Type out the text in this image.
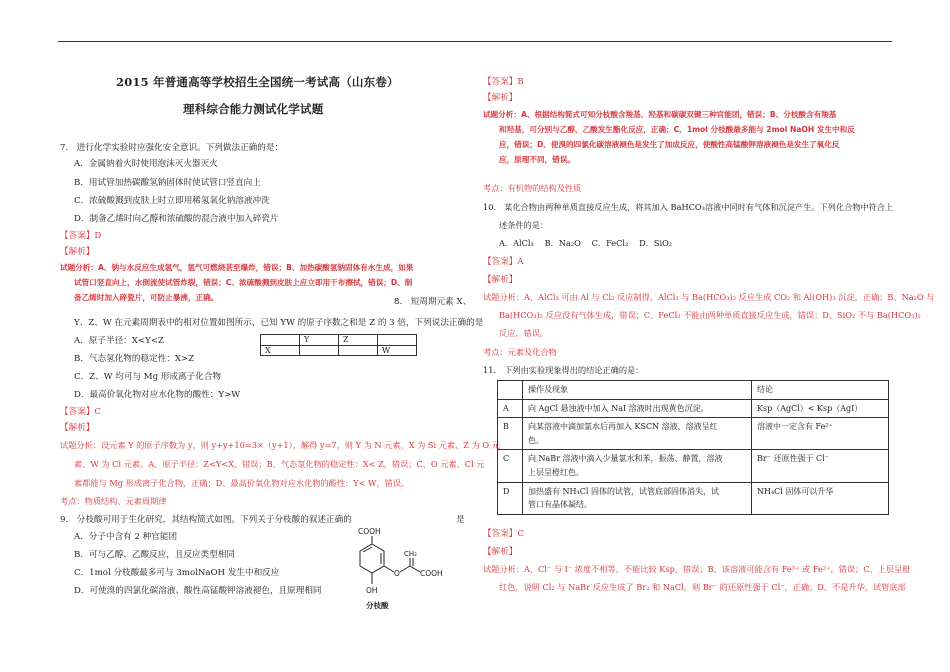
2015 年普通高等学校招生全国统一考试高（山东卷）
理科综合能力测试化学试题
7.　进行化学实验时应强化安全意识。下列做法正确的是：
A．金属钠着火时使用泡沫灭火器灭火
B．用试管加热碳酸氢钠固体时使试管口竖直向上
C．浓硫酸溅到皮肤上时立即用稀氢氧化钠溶液冲洗
D．制备乙烯时向乙醇和浓硫酸的混合液中加入碎瓷片
【答案】D
【解析】
试题分析：A、钠与水反应生成氢气，氢气可燃烧甚至爆炸，错误；B、加热碳酸氢钠固体有水生成，如果
试管口竖直向上，水倒流使试管炸裂，错误；C、浓硫酸溅到皮肤上应立即用干布擦拭，错误；D、制
备乙烯时加入碎瓷片，可防止暴沸，正确。	8.　短周期元素 X、
Y、Z、W 在元素周期表中的相对位置如图所示，已知 YW 的原子序数之和是 Z 的 3 倍，下列说法正确的是
	Y	Z	
X			W
A．原子半径：X<Y<Z
B．气态氢化物的稳定性：X>Z
C．Z、W 均可与 Mg 形成离子化合物
D．最高价氧化物对应水化物的酸性：Y>W
【答案】C
【解析】
试题分析：设元素 Y 的原子序数为 y，则 y+y+10=3×（y+1），解得 y=7，则 Y 为 N 元素、X 为 Si 元素、Z 为 O 元
素、W 为 Cl 元素。A、原子半径：Z<Y<X，错误；B、气态氢化物的稳定性：X< Z，错误；C、O 元素、Cl 元
素都能与 Mg 形成离子化合物，正确；D、最高价氧化物对应水化物的酸性：Y< W，错误。
考点：物质结构、元素周期律
9.　分枝酸可用于生化研究，其结构简式如图。下列关于分枝酸的叙述正确的	是
A．分子中含有 2 种官能团
B．可与乙醇、乙酸反应，且反应类型相同
C．1mol 分枝酸最多可与 3molNaOH 发生中和反应
D．可使溴的四氯化碳溶液、酸性高锰酸钾溶液褪色，且原理相同
COOH
CH₂
COOH
O
OH
分枝酸
【答案】B
【解析】
试题分析：A、根据结构简式可知分枝酸含羧基、羟基和碳碳双键三种官能团，错误；B、分枝酸含有羧基
和羟基，可分别与乙醇、乙酸发生酯化反应，正确；C、1mol 分枝酸最多能与 2mol NaOH 发生中和反
应，错误；D、使溴的四氯化碳溶液褪色是发生了加成反应，使酸性高锰酸钾溶液褪色是发生了氧化反
应，原理不同，错误。
考点：有机物的结构及性质
10.　某化合物由两种单质直接反应生成，将其加入 BaHCO₃溶液中同时有气体和沉淀产生。下列化合物中符合上
述条件的是：
A．AlCl₃　 B．Na₂O　 C．FeCl₂　 D．SiO₂
【答案】A
【解析】
试题分析：A、AlCl₃ 可由 Al 与 Cl₂ 反应制得，AlCl₃ 与 Ba(HCO₃)₂ 反应生成 CO₂ 和 Al(OH)₃ 沉淀，正确；B、Na₂O 与
Ba(HCO₃)₂ 反应没有气体生成，错误；C、FeCl₂ 不能由两种单质直接反应生成，错误；D、SiO₂ 不与 Ba(HCO₃)₂
反应，错误。
考点：元素及化合物
11.　下列由实验现象得出的结论正确的是：
	操作及现象	结论
A	向 AgCl 悬浊液中加入 NaI 溶液时出现黄色沉淀。	Ksp（AgCl）< Ksp（AgI）

B	向某溶液中滴加氯水后再加入 KSCN 溶液，溶液呈红
色。	溶液中一定含有 Fe²⁺

C	向 NaBr 溶液中滴入少量氯水和苯，振荡、静置，溶液
上层呈橙红色。	Br⁻ 还原性强于 Cl⁻

D	加热盛有 NH₄Cl 固体的试管，试管底部固体消失，试
管口有晶体凝结。	NH₄Cl 固体可以升华
【答案】C
【解析】
试题分析：A、Cl⁻ 与 I⁻ 浓度不相等，不能比较 Ksp，错误；B、该溶液可能含有 Fe³⁺ 或 Fe²⁺，错误；C、上层呈橙
红色，说明 Cl₂ 与 NaBr 反应生成了 Br₂ 和 NaCl，则 Br⁻ 的还原性强于 Cl⁻，正确；D、不是升华，试管底部
